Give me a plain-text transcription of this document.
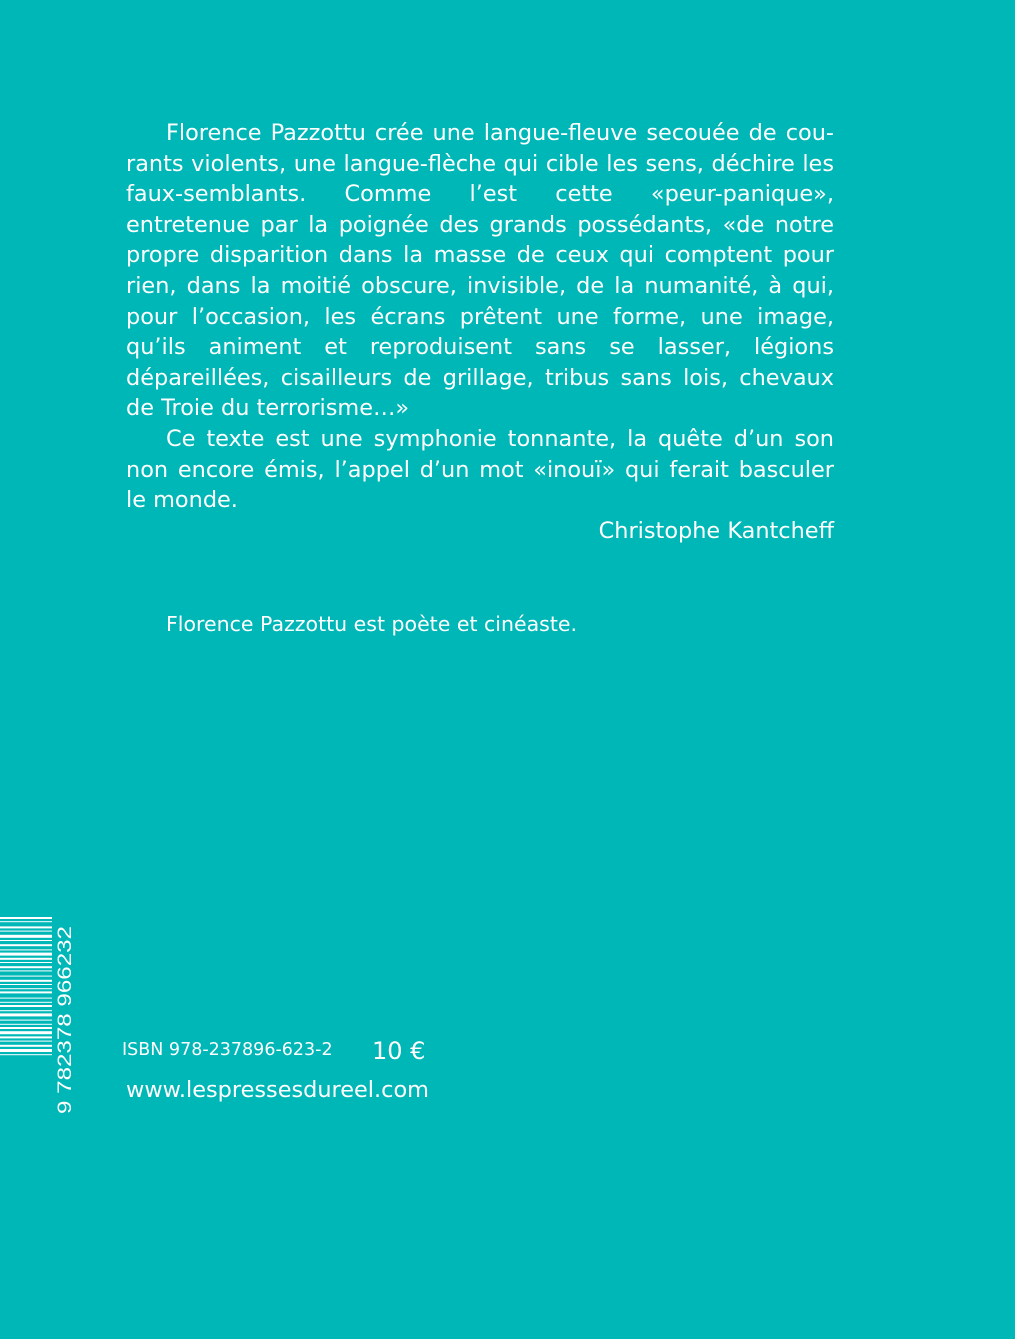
Florence Pazzottu crée une langue-fleuve secouée de courants violents, une langue-flèche qui cible les sens, déchire les faux-semblants. Comme l’est cette «peur-panique», entretenue par la poignée des grands possédants, «de notre propre disparition dans la masse de ceux qui comptent pour rien, dans la moitié obscure, invisible, de la numanité, à qui, pour l’occasion, les écrans prêtent une forme, une image, qu’ils animent et reproduisent sans se lasser, légions dépareillées, cisailleurs de grillage, tribus sans lois, chevaux de Troie du terrorisme…»

Ce texte est une symphonie tonnante, la quête d’un son non encore émis, l’appel d’un mot «inouï» qui ferait basculer le monde.

Christophe Kantcheff
Florence Pazzottu est poète et cinéaste.
9 782378 966232	ISBN 978-237896-623-2 10 €
www.lespressesdureel.com
